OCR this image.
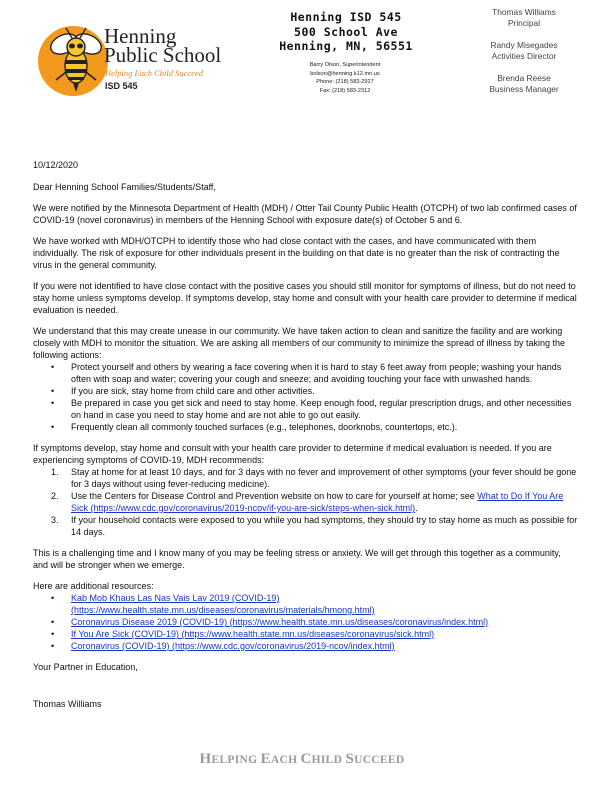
Henning
Public School
Helping Each Child Succeed
ISD 545
Henning ISD 545
500 School Ave
Henning, MN, 56551
Barry Olson, Superintendent
bolson@henning.k12.mn.us
Phone: (218) 583-2927
Fax: (218) 583-2312
Thomas Williams
Principal
Randy Misegades
Activities Director
Brenda Reese
Business Manager

10/12/2020

Dear Henning School Families/Students/Staff,

We were notified by the Minnesota Department of Health (MDH) / Otter Tail County Public Health (OTCPH) of two lab confirmed cases of COVID-19 (novel coronavirus) in members of the Henning School with exposure date(s) of October 5 and 6.

We have worked with MDH/OTCPH to identify those who had close contact with the cases, and have communicated with them individually. The risk of exposure for other individuals present in the building on that date is no greater than the risk of contracting the virus in the general community.

If you were not identified to have close contact with the positive cases you should still monitor for symptoms of illness, but do not need to stay home unless symptoms develop. If symptoms develop, stay home and consult with your health care provider to determine if medical evaluation is needed.

We understand that this may create unease in our community. We have taken action to clean and sanitize the facility and are working closely with MDH to monitor the situation. We are asking all members of our community to minimize the spread of illness by taking the following actions:

• Protect yourself and others by wearing a face covering when it is hard to stay 6 feet away from people; washing your hands often with soap and water; covering your cough and sneeze; and avoiding touching your face with unwashed hands.
• If you are sick, stay home from child care and other activities.
• Be prepared in case you get sick and need to stay home. Keep enough food, regular prescription drugs, and other necessities on hand in case you need to stay home and are not able to go out easily.
• Frequently clean all commonly touched surfaces (e.g., telephones, doorknobs, countertops, etc.).

If symptoms develop, stay home and consult with your health care provider to determine if medical evaluation is needed. If you are experiencing symptoms of COVID-19, MDH recommends:

1. Stay at home for at least 10 days, and for 3 days with no fever and improvement of other symptoms (your fever should be gone for 3 days without using fever-reducing medicine).
2. Use the Centers for Disease Control and Prevention website on how to care for yourself at home; see What to Do If You Are Sick (https://www.cdc.gov/coronavirus/2019-ncov/if-you-are-sick/steps-when-sick.html).
3. If your household contacts were exposed to you while you had symptoms, they should try to stay home as much as possible for 14 days.

This is a challenging time and I know many of you may be feeling stress or anxiety. We will get through this together as a community, and will be stronger when we emerge.

Here are additional resources:

• Kab Mob Khaus Las Nas Vais Lav 2019 (COVID-19) (https://www.health.state.mn.us/diseases/coronavirus/materials/hmong.html)
• Coronavirus Disease 2019 (COVID-19) (https://www.health.state.mn.us/diseases/coronavirus/index.html)
• If You Are Sick (COVID-19) (https://www.health.state.mn.us/diseases/coronavirus/sick.html)
• Coronavirus (COVID-19) (https://www.cdc.gov/coronavirus/2019-ncov/index.html)

Your Partner in Education,

Thomas Williams

HELPING EACH CHILD SUCCEED
